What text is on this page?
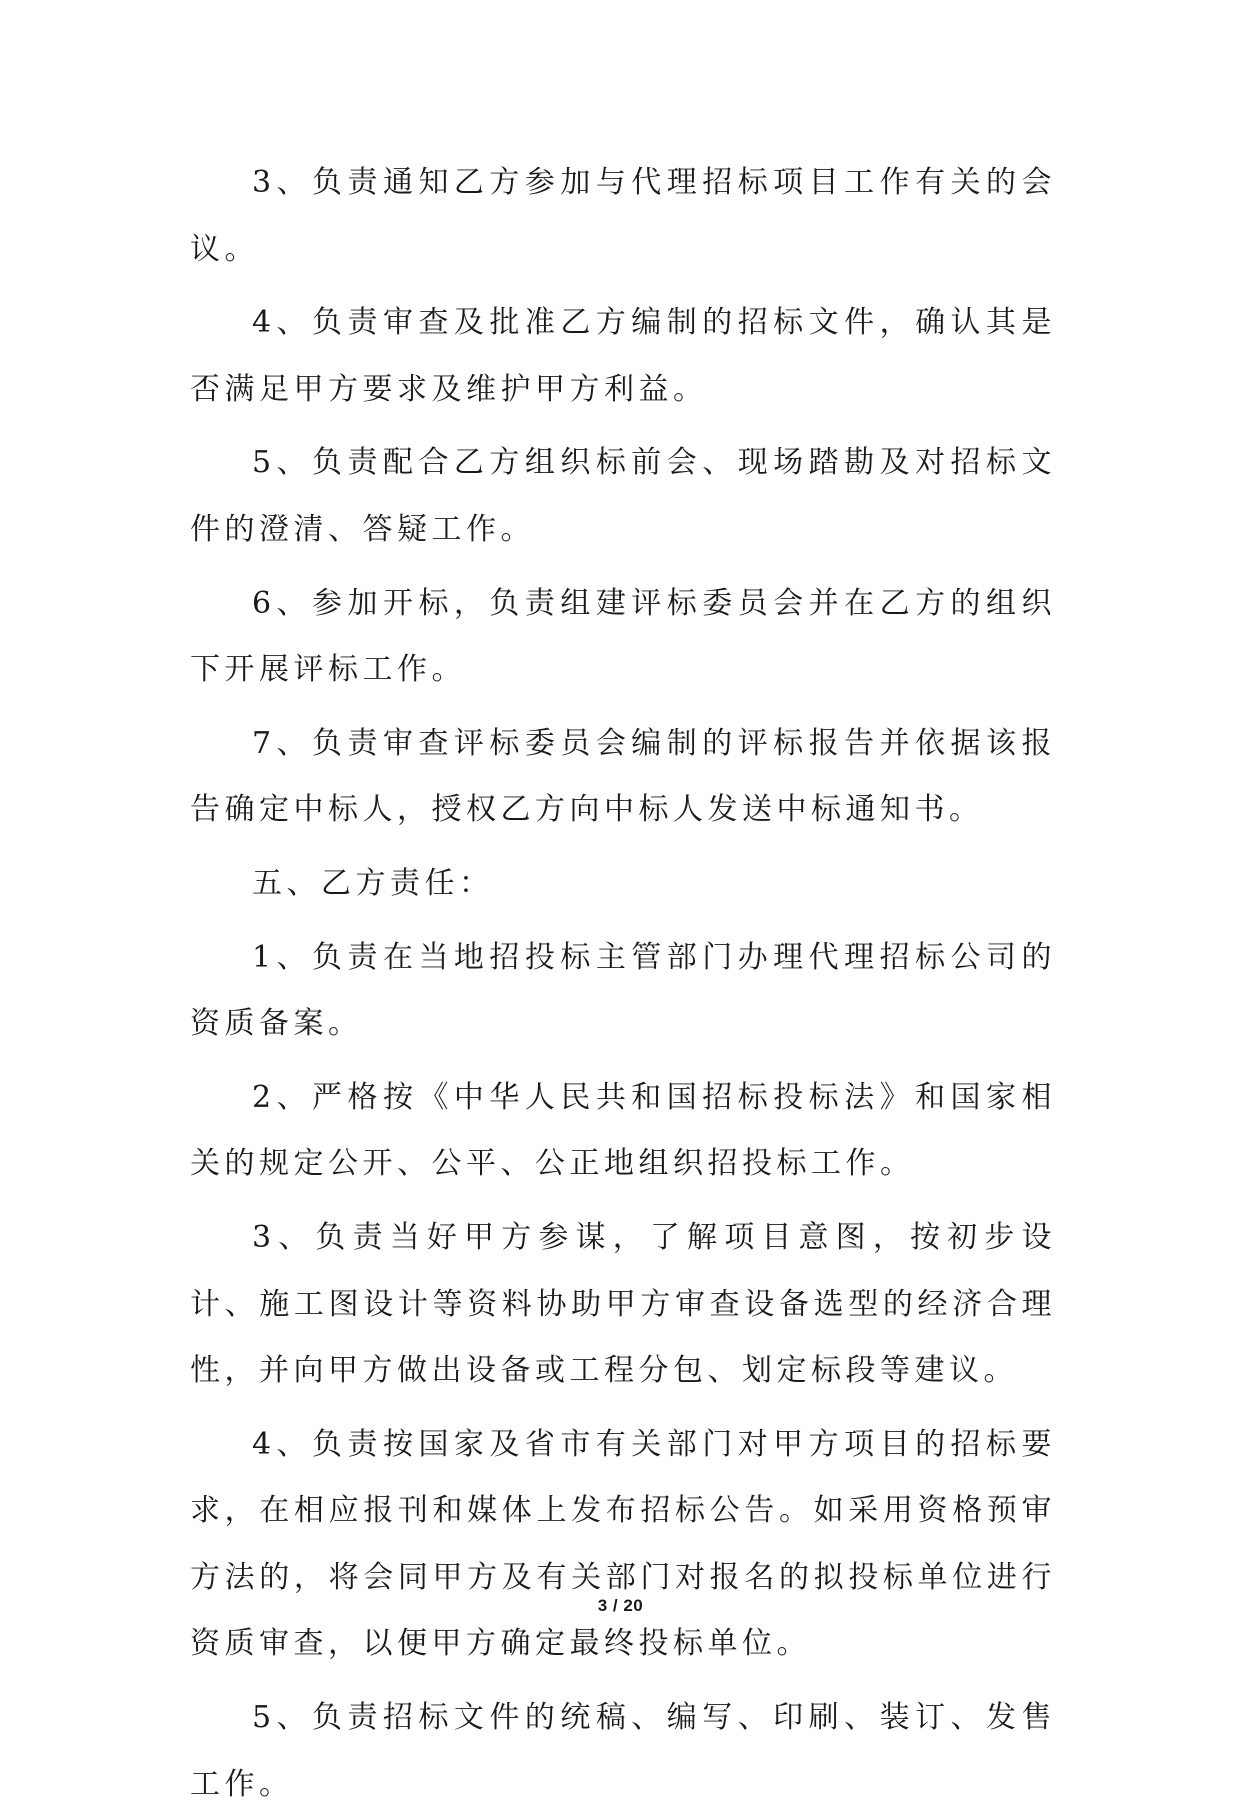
3、负责通知乙方参加与代理招标项目工作有关的会议。

4、负责审查及批准乙方编制的招标文件，确认其是否满足甲方要求及维护甲方利益。

5、负责配合乙方组织标前会、现场踏勘及对招标文件的澄清、答疑工作。

6、参加开标，负责组建评标委员会并在乙方的组织下开展评标工作。

7、负责审查评标委员会编制的评标报告并依据该报告确定中标人，授权乙方向中标人发送中标通知书。

五、乙方责任：

1、负责在当地招投标主管部门办理代理招标公司的资质备案。

2、严格按《中华人民共和国招标投标法》和国家相关的规定公开、公平、公正地组织招投标工作。

3、负责当好甲方参谋，了解项目意图，按初步设计、施工图设计等资料协助甲方审查设备选型的经济合理性，并向甲方做出设备或工程分包、划定标段等建议。

4、负责按国家及省市有关部门对甲方项目的招标要求，在相应报刊和媒体上发布招标公告。如采用资格预审方法的，将会同甲方及有关部门对报名的拟投标单位进行资质审查，以便甲方确定最终投标单位。

5、负责招标文件的统稿、编写、印刷、装订、发售工作。

3 / 20
